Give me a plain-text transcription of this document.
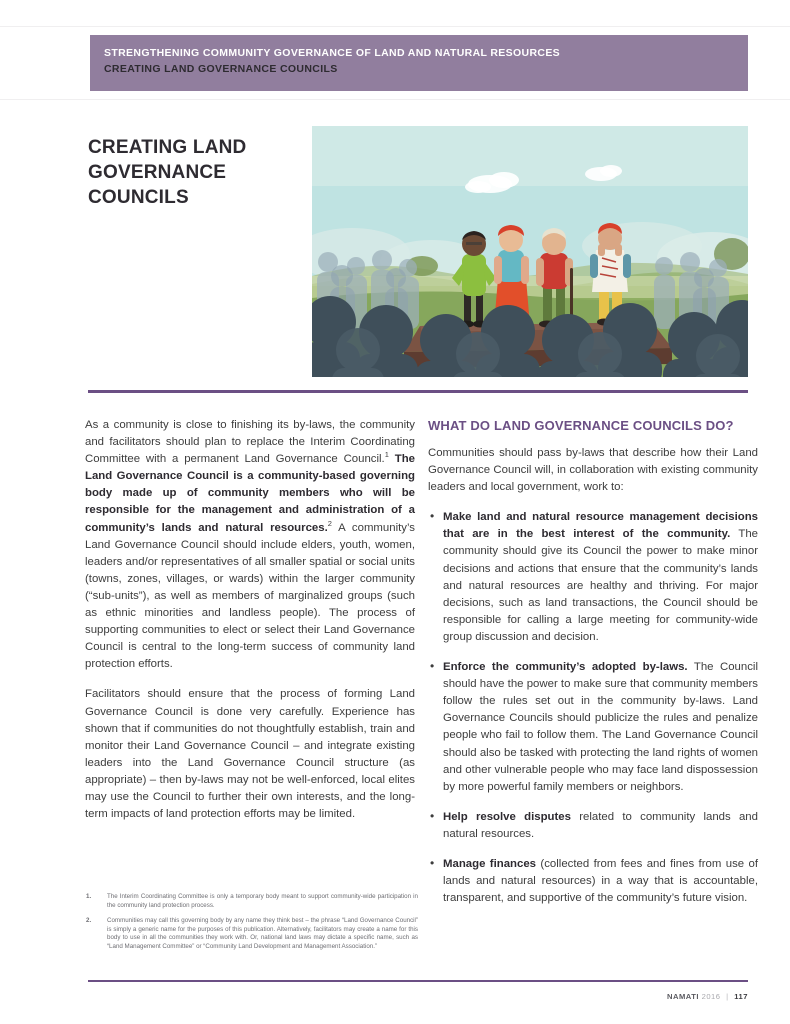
STRENGTHENING COMMUNITY GOVERNANCE OF LAND AND NATURAL RESOURCES
CREATING LAND GOVERNANCE COUNCILS
CREATING LAND GOVERNANCE COUNCILS

As a community is close to finishing its by-laws, the community and facilitators should plan to replace the Interim Coordinating Committee with a permanent Land Governance Council.$^1$ The Land Governance Council is a community-based governing body made up of community members who will be responsible for the management and administration of a community’s lands and natural resources.$^2$ A community’s Land Governance Council should include elders, youth, women, leaders and/or representatives of all smaller spatial or social units (towns, zones, villages, or wards) within the larger community (“sub-units”), as well as members of marginalized groups (such as ethnic minorities and landless people). The process of supporting communities to elect or select their Land Governance Council is central to the long-term success of community land protection efforts.

Facilitators should ensure that the process of forming Land Governance Council is done very carefully. Experience has shown that if communities do not thoughtfully establish, train and monitor their Land Governance Council – and integrate existing leaders into the Land Governance Council structure (as appropriate) – then by-laws may not be well-enforced, local elites may use the Council to further their own interests, and the long-term impacts of land protection efforts may be limited.

WHAT DO LAND GOVERNANCE COUNCILS DO?

Communities should pass by-laws that describe how their Land Governance Council will, in collaboration with existing community leaders and local government, work to:

• Make land and natural resource management decisions that are in the best interest of the community. The community should give its Council the power to make minor decisions and actions that ensure that the community’s lands and natural resources are healthy and thriving. For major decisions, such as land transactions, the Council should be responsible for calling a large meeting for community-wide group discussion and decision.
• Enforce the community’s adopted by-laws. The Council should have the power to make sure that community members follow the rules set out in the community by-laws. Land Governance Councils should publicize the rules and penalize people who fail to follow them. The Land Governance Council should also be tasked with protecting the land rights of women and other vulnerable people who may face land dispossession by more powerful family members or neighbors.
• Help resolve disputes related to community lands and natural resources.
• Manage finances (collected from fees and fines from use of lands and natural resources) in a way that is accountable, transparent, and supportive of the community’s future vision.
1.	The Interim Coordinating Committee is only a temporary body meant to support community-wide participation in the community land protection process.
2.	Communities may call this governing body by any name they think best – the phrase “Land Governance Council” is simply a generic name for the purposes of this publication. Alternatively, facilitators may create a name for this body to use in all the communities they work with. Or, national land laws may dictate a specific name, such as “Land Management Committee” or “Community Land Development and Management Association.”
NAMATI 2016 | 117
